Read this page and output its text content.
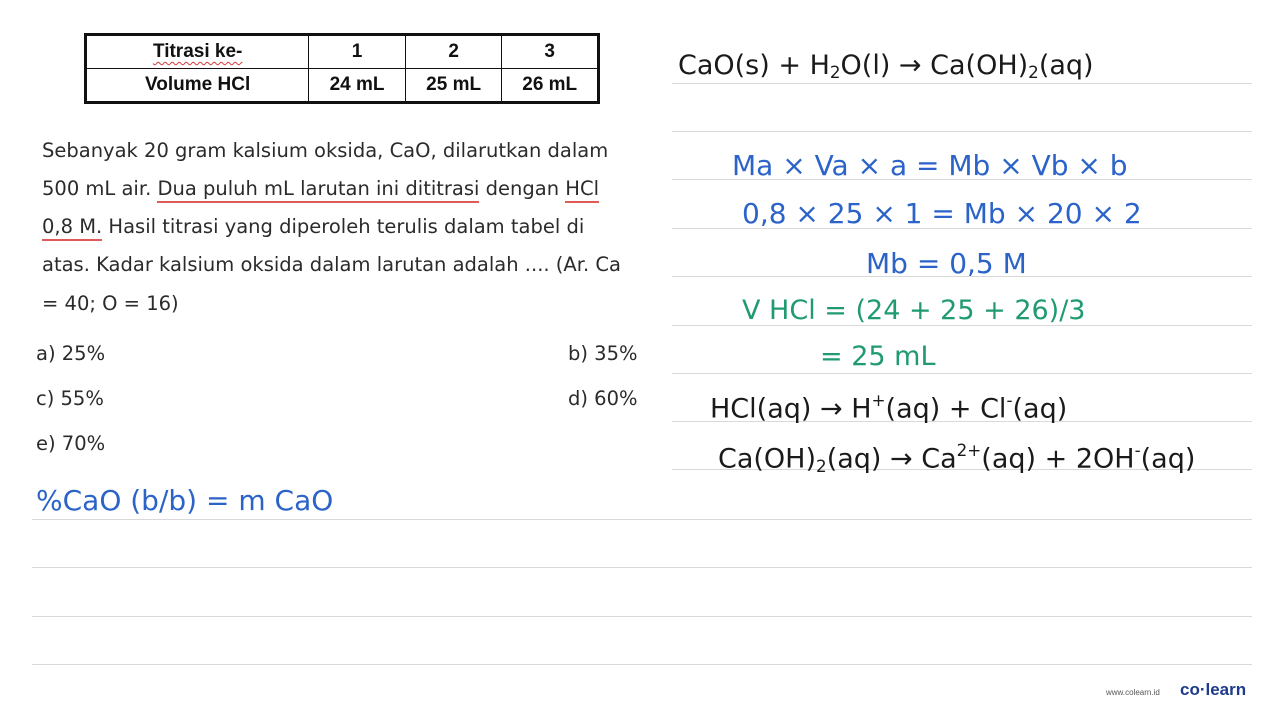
Titrasi ke-	1	2	3
Volume HCl	24 mL	25 mL	26 mL
Sebanyak 20 gram kalsium oksida, CaO, dilarutkan dalam
500 mL air. Dua puluh mL larutan ini dititrasi dengan HCl
0,8 M. Hasil titrasi yang diperoleh terulis dalam tabel di
atas. Kadar kalsium oksida dalam larutan adalah .... (Ar. Ca
= 40; O = 16)
a) 25%	b) 35%
c) 55%	d) 60%
e) 70%
$CaO(s) + H_2O(l) \to Ca(OH)_2(aq)$
Ma × Va × a = Mb × Vb × b
0,8 × 25 × 1 = Mb × 20 × 2
Mb = 0,5 M
V HCl = (24 + 25 + 26)/3
= 25 mL
HCl(aq) → H+(aq) + Cl-(aq)
$Ca(OH)_2(aq) \to Ca^{2+}(aq) + 2OH^-(aq)$
%CaO (b/b) = m CaO
www.colearn.id co·learn
